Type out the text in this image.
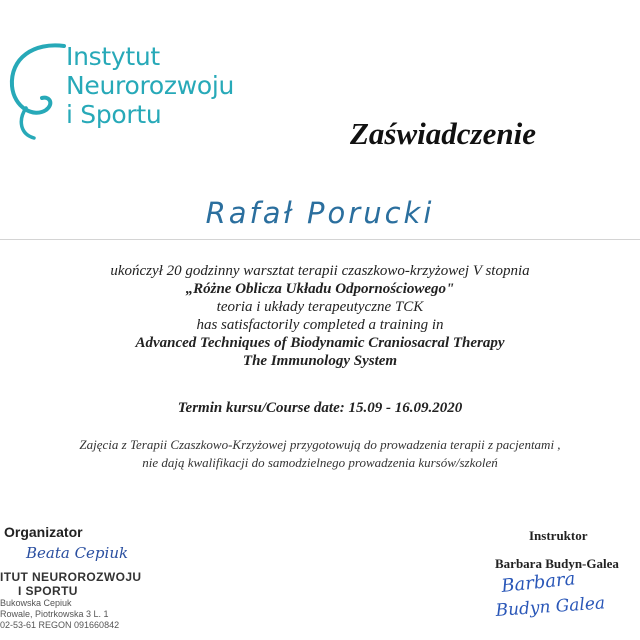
Instytut
Neurorozwoju
i Sportu
Zaświadczenie
Rafał Porucki
ukończył 20 godzinny warsztat terapii czaszkowo-krzyżowej V stopnia
„Różne Oblicza Układu Odpornościowego"
teoria i układy terapeutyczne TCK
has satisfactorily completed a training in
Advanced Techniques of Biodynamic Craniosacral Therapy
The Immunology System
Termin kursu/Course date: 15.09 - 16.09.2020
Zajęcia z Terapii Czaszkowo-Krzyżowej przygotowują do prowadzenia terapii z pacjentami ,
nie dają kwalifikacji do samodzielnego prowadzenia kursów/szkoleń
Organizator
Beata Cepiuk
ITUT NEUROROZWOJU
I SPORTU
Bukowska Cepiuk
Rowale, Piotrkowska 3 L. 1
02-53-61 REGON 091660842
Instruktor
Barbara Budyn-Galea
Barbara
Budyn Galea
